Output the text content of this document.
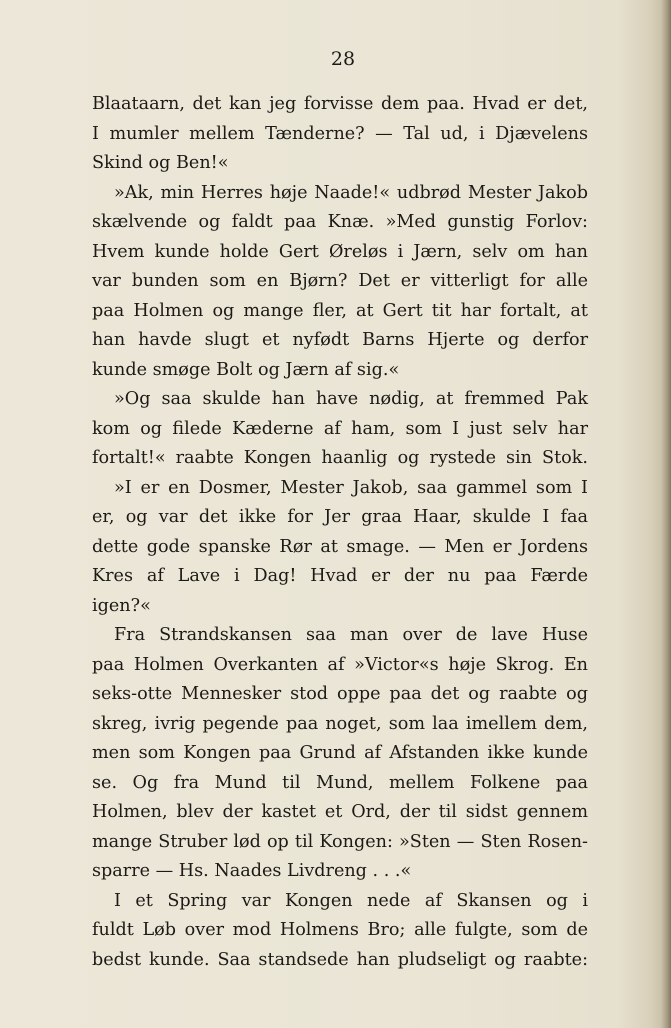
28

Blaataarn, det kan jeg forvisse dem paa. Hvad er det,
I mumler mellem Tænderne? — Tal ud, i Djævelens
Skind og Ben!«
»Ak, min Herres høje Naade!« udbrød Mester Jakob
skælvende og faldt paa Knæ. »Med gunstig Forlov:
Hvem kunde holde Gert Øreløs i Jærn, selv om han
var bunden som en Bjørn? Det er vitterligt for alle
paa Holmen og mange fler, at Gert tit har fortalt, at
han havde slugt et nyfødt Barns Hjerte og derfor
kunde smøge Bolt og Jærn af sig.«
»Og saa skulde han have nødig, at fremmed Pak
kom og filede Kæderne af ham, som I just selv har
fortalt!« raabte Kongen haanlig og rystede sin Stok.
»I er en Dosmer, Mester Jakob, saa gammel som I
er, og var det ikke for Jer graa Haar, skulde I faa
dette gode spanske Rør at smage. — Men er Jordens
Kres af Lave i Dag! Hvad er der nu paa Færde
igen?«
Fra Strandskansen saa man over de lave Huse
paa Holmen Overkanten af »Victor«s høje Skrog. En
seks-otte Mennesker stod oppe paa det og raabte og
skreg, ivrig pegende paa noget, som laa imellem dem,
men som Kongen paa Grund af Afstanden ikke kunde
se. Og fra Mund til Mund, mellem Folkene paa
Holmen, blev der kastet et Ord, der til sidst gennem
mange Struber lød op til Kongen: »Sten — Sten Rosen-
sparre — Hs. Naades Livdreng . . .«
I et Spring var Kongen nede af Skansen og i
fuldt Løb over mod Holmens Bro; alle fulgte, som de
bedst kunde. Saa standsede han pludseligt og raabte:
